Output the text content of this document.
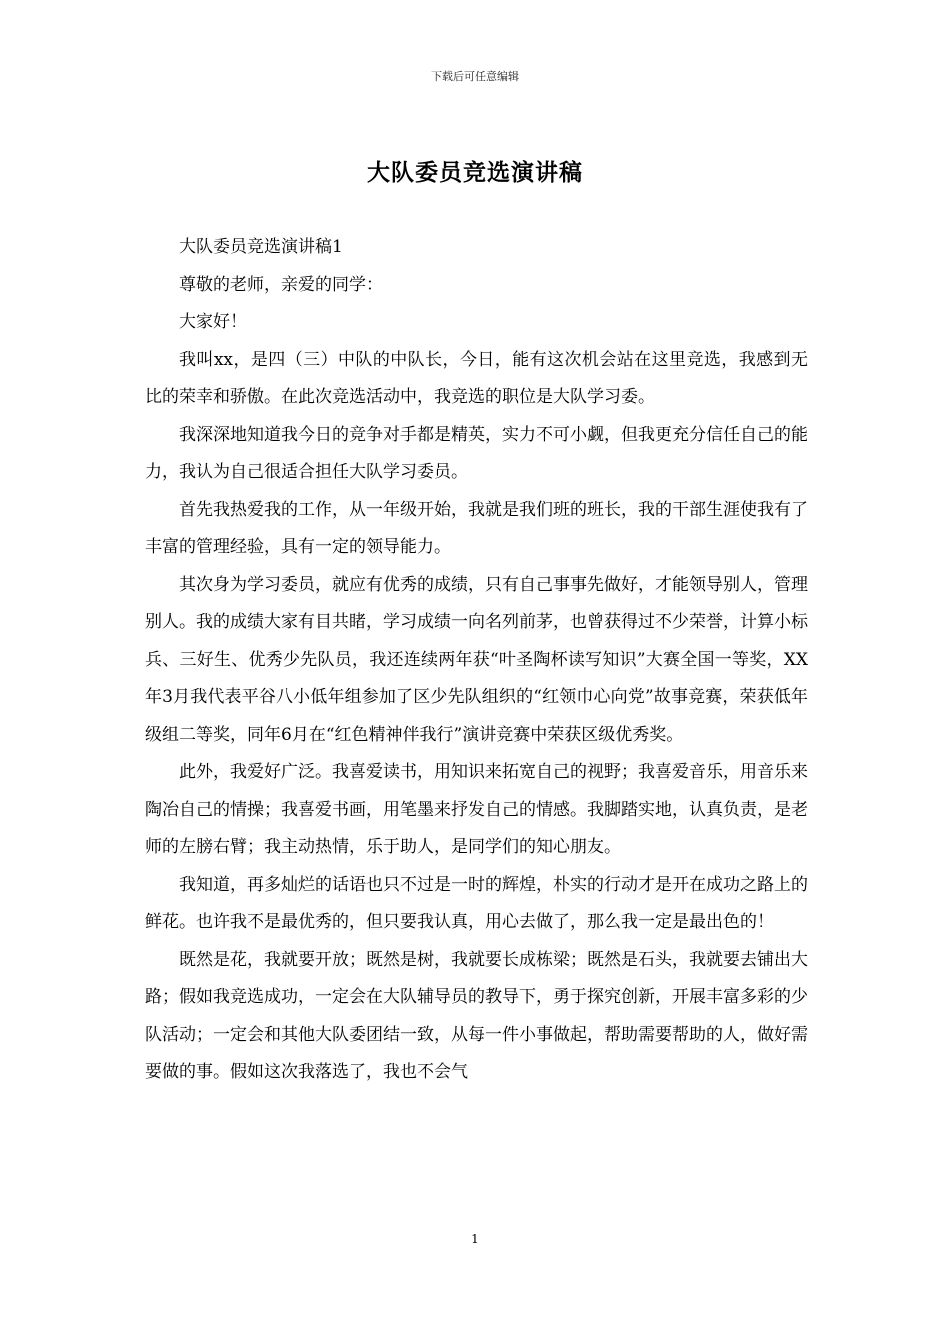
下载后可任意编辑
大队委员竞选演讲稿

大队委员竞选演讲稿1

尊敬的老师，亲爱的同学：

大家好！

我叫xx，是四（三）中队的中队长，今日，能有这次机会站在这里竞选，我感到无比的荣幸和骄傲。在此次竞选活动中，我竞选的职位是大队学习委。

我深深地知道我今日的竞争对手都是精英，实力不可小觑，但我更充分信任自己的能力，我认为自己很适合担任大队学习委员。

首先我热爱我的工作，从一年级开始，我就是我们班的班长，我的干部生涯使我有了丰富的管理经验，具有一定的领导能力。

其次身为学习委员，就应有优秀的成绩，只有自己事事先做好，才能领导别人，管理别人。我的成绩大家有目共睹，学习成绩一向名列前茅，也曾获得过不少荣誉，计算小标兵、三好生、优秀少先队员，我还连续两年获“叶圣陶杯读写知识”大赛全国一等奖，XX年3月我代表平谷八小低年组参加了区少先队组织的“红领巾心向党”故事竞赛，荣获低年级组二等奖，同年6月在“红色精神伴我行”演讲竞赛中荣获区级优秀奖。

此外，我爱好广泛。我喜爱读书，用知识来拓宽自己的视野；我喜爱音乐，用音乐来陶冶自己的情操；我喜爱书画，用笔墨来抒发自己的情感。我脚踏实地，认真负责，是老师的左膀右臂；我主动热情，乐于助人，是同学们的知心朋友。

我知道，再多灿烂的话语也只不过是一时的辉煌，朴实的行动才是开在成功之路上的鲜花。也许我不是最优秀的，但只要我认真，用心去做了，那么我一定是最出色的！

既然是花，我就要开放；既然是树，我就要长成栋梁；既然是石头，我就要去铺出大路；假如我竞选成功，一定会在大队辅导员的教导下，勇于探究创新，开展丰富多彩的少队活动；一定会和其他大队委团结一致，从每一件小事做起，帮助需要帮助的人，做好需要做的事。假如这次我落选了，我也不会气

1
